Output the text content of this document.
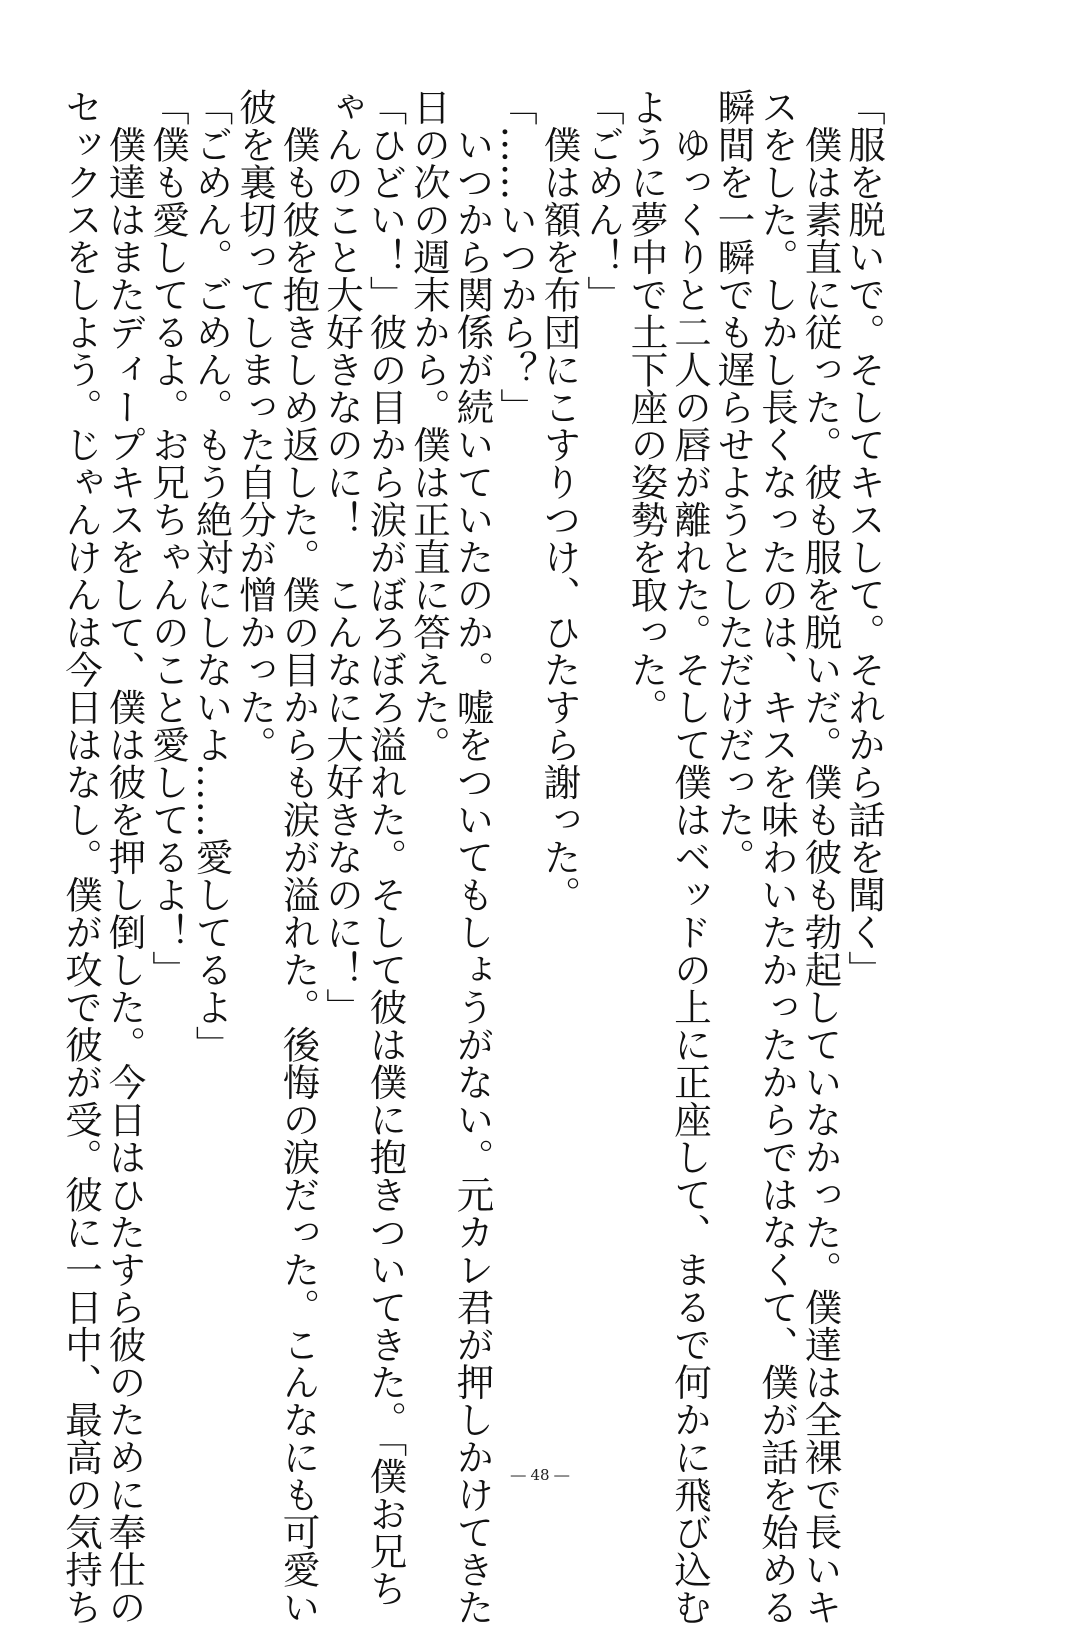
「服を脱いで。そしてキスして。それから話を聞く」
　僕は素直に従った。彼も服を脱いだ。僕も彼も勃起していなかった。僕達は全裸で長いキ
スをした。しかし長くなったのは、キスを味わいたかったからではなくて、僕が話を始める
瞬間を一瞬でも遅らせようとしただけだった。
　ゆっくりと二人の唇が離れた。そして僕はベッドの上に正座して、まるで何かに飛び込む
ように夢中で土下座の姿勢を取った。
「ごめん！」
　僕は額を布団にこすりつけ、ひたすら謝った。
「……いつから？」
　いつから関係が続いていたのか。嘘をついてもしょうがない。元カレ君が押しかけてきた
日の次の週末から。僕は正直に答えた。
「ひどい！」彼の目から涙がぼろぼろ溢れた。そして彼は僕に抱きついてきた。「僕お兄ち
ゃんのこと大好きなのに！　こんなに大好きなのに！」
　僕も彼を抱きしめ返した。僕の目からも涙が溢れた。後悔の涙だった。こんなにも可愛い
彼を裏切ってしまった自分が憎かった。
「ごめん。ごめん。もう絶対にしないよ……愛してるよ」
「僕も愛してるよ。お兄ちゃんのこと愛してるよ！」
　僕達はまたディープキスをして、僕は彼を押し倒した。今日はひたすら彼のために奉仕の
セックスをしよう。じゃんけんは今日はなし。僕が攻で彼が受。彼に一日中、最高の気持ち	― 48 ―
